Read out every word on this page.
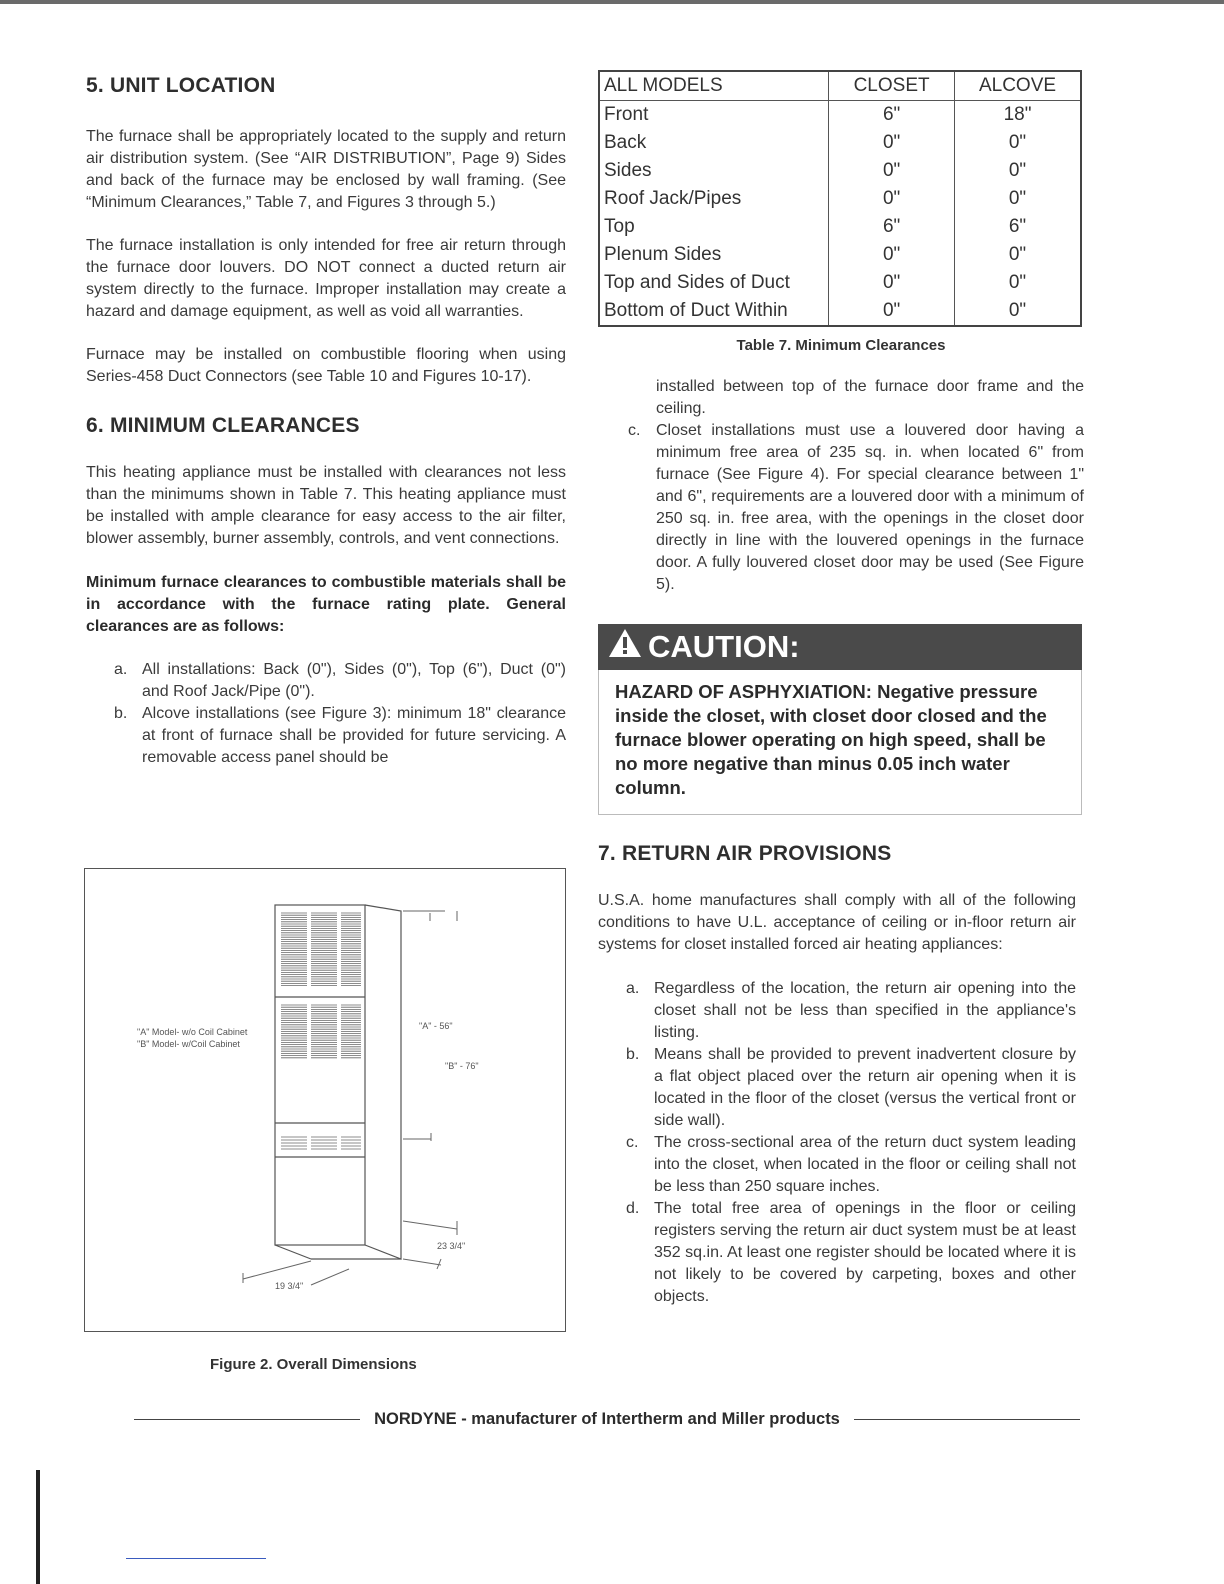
5. UNIT LOCATION

The furnace shall be appropriately located to the supply and return air distribution system. (See “AIR DISTRIBUTION”, Page 9) Sides and back of the furnace may be enclosed by wall framing. (See “Minimum Clearances,” Table 7, and Figures 3 through 5.)

The furnace installation is only intended for free air return through the furnace door louvers. DO NOT connect a ducted return air system directly to the furnace. Improper installation may create a hazard and damage equipment, as well as void all warranties.

Furnace may be installed on combustible flooring when using Series-458 Duct Connectors (see Table 10 and Figures 10-17).

6. MINIMUM CLEARANCES

This heating appliance must be installed with clearances not less than the minimums shown in Table 7. This heating appliance must be installed with ample clearance for easy access to the air filter, blower assembly, burner assembly, controls, and vent connections.

Minimum furnace clearances to combustible materials shall be in accordance with the furnace rating plate. General clearances are as follows:

a. All installations: Back (0"), Sides (0"), Top (6"), Duct (0") and Roof Jack/Pipe (0").
b. Alcove installations (see Figure 3): minimum 18" clearance at front of furnace shall be provided for future servicing. A removable access panel should be
"A" Model- w/o Coil Cabinet
"B" Model- w/Coil Cabinet
"A" - 56"
"B" - 76"
23 3/4"
19 3/4"
Figure 2. Overall Dimensions
ALL MODELS	CLOSET	ALCOVE
Front	6"	18"
Back	0"	0"
Sides	0"	0"
Roof Jack/Pipes	0"	0"
Top	6"	6"
Plenum Sides	0"	0"
Top and Sides of Duct	0"	0"
Bottom of Duct Within	0"	0"
Table 7. Minimum Clearances

installed between top of the furnace door frame and the ceiling.

c. Closet installations must use a louvered door having a minimum free area of 235 sq. in. when located 6" from furnace (See Figure 4). For special clearance between 1" and 6", requirements are a louvered door with a minimum of 250 sq. in. free area, with the openings in the closet door directly in line with the louvered openings in the furnace door. A fully louvered closet door may be used (See Figure 5).
CAUTION:
HAZARD OF ASPHYXIATION: Negative pressure inside the closet, with closet door closed and the furnace blower operating on high speed, shall be no more negative than minus 0.05 inch water column.
7. RETURN AIR PROVISIONS

U.S.A. home manufactures shall comply with all of the following conditions to have U.L. acceptance of ceiling or in-floor return air systems for closet installed forced air heating appliances:

a. Regardless of the location, the return air opening into the closet shall not be less than specified in the appliance's listing.
b. Means shall be provided to prevent inadvertent closure by a flat object placed over the return air opening when it is located in the floor of the closet (versus the vertical front or side wall).
c. The cross-sectional area of the return duct system leading into the closet, when located in the floor or ceiling shall not be less than 250 square inches.
d. The total free area of openings in the floor or ceiling registers serving the return air duct system must be at least 352 sq.in. At least one register should be located where it is not likely to be covered by carpeting, boxes and other objects.
NORDYNE - manufacturer of Intertherm and Miller products
